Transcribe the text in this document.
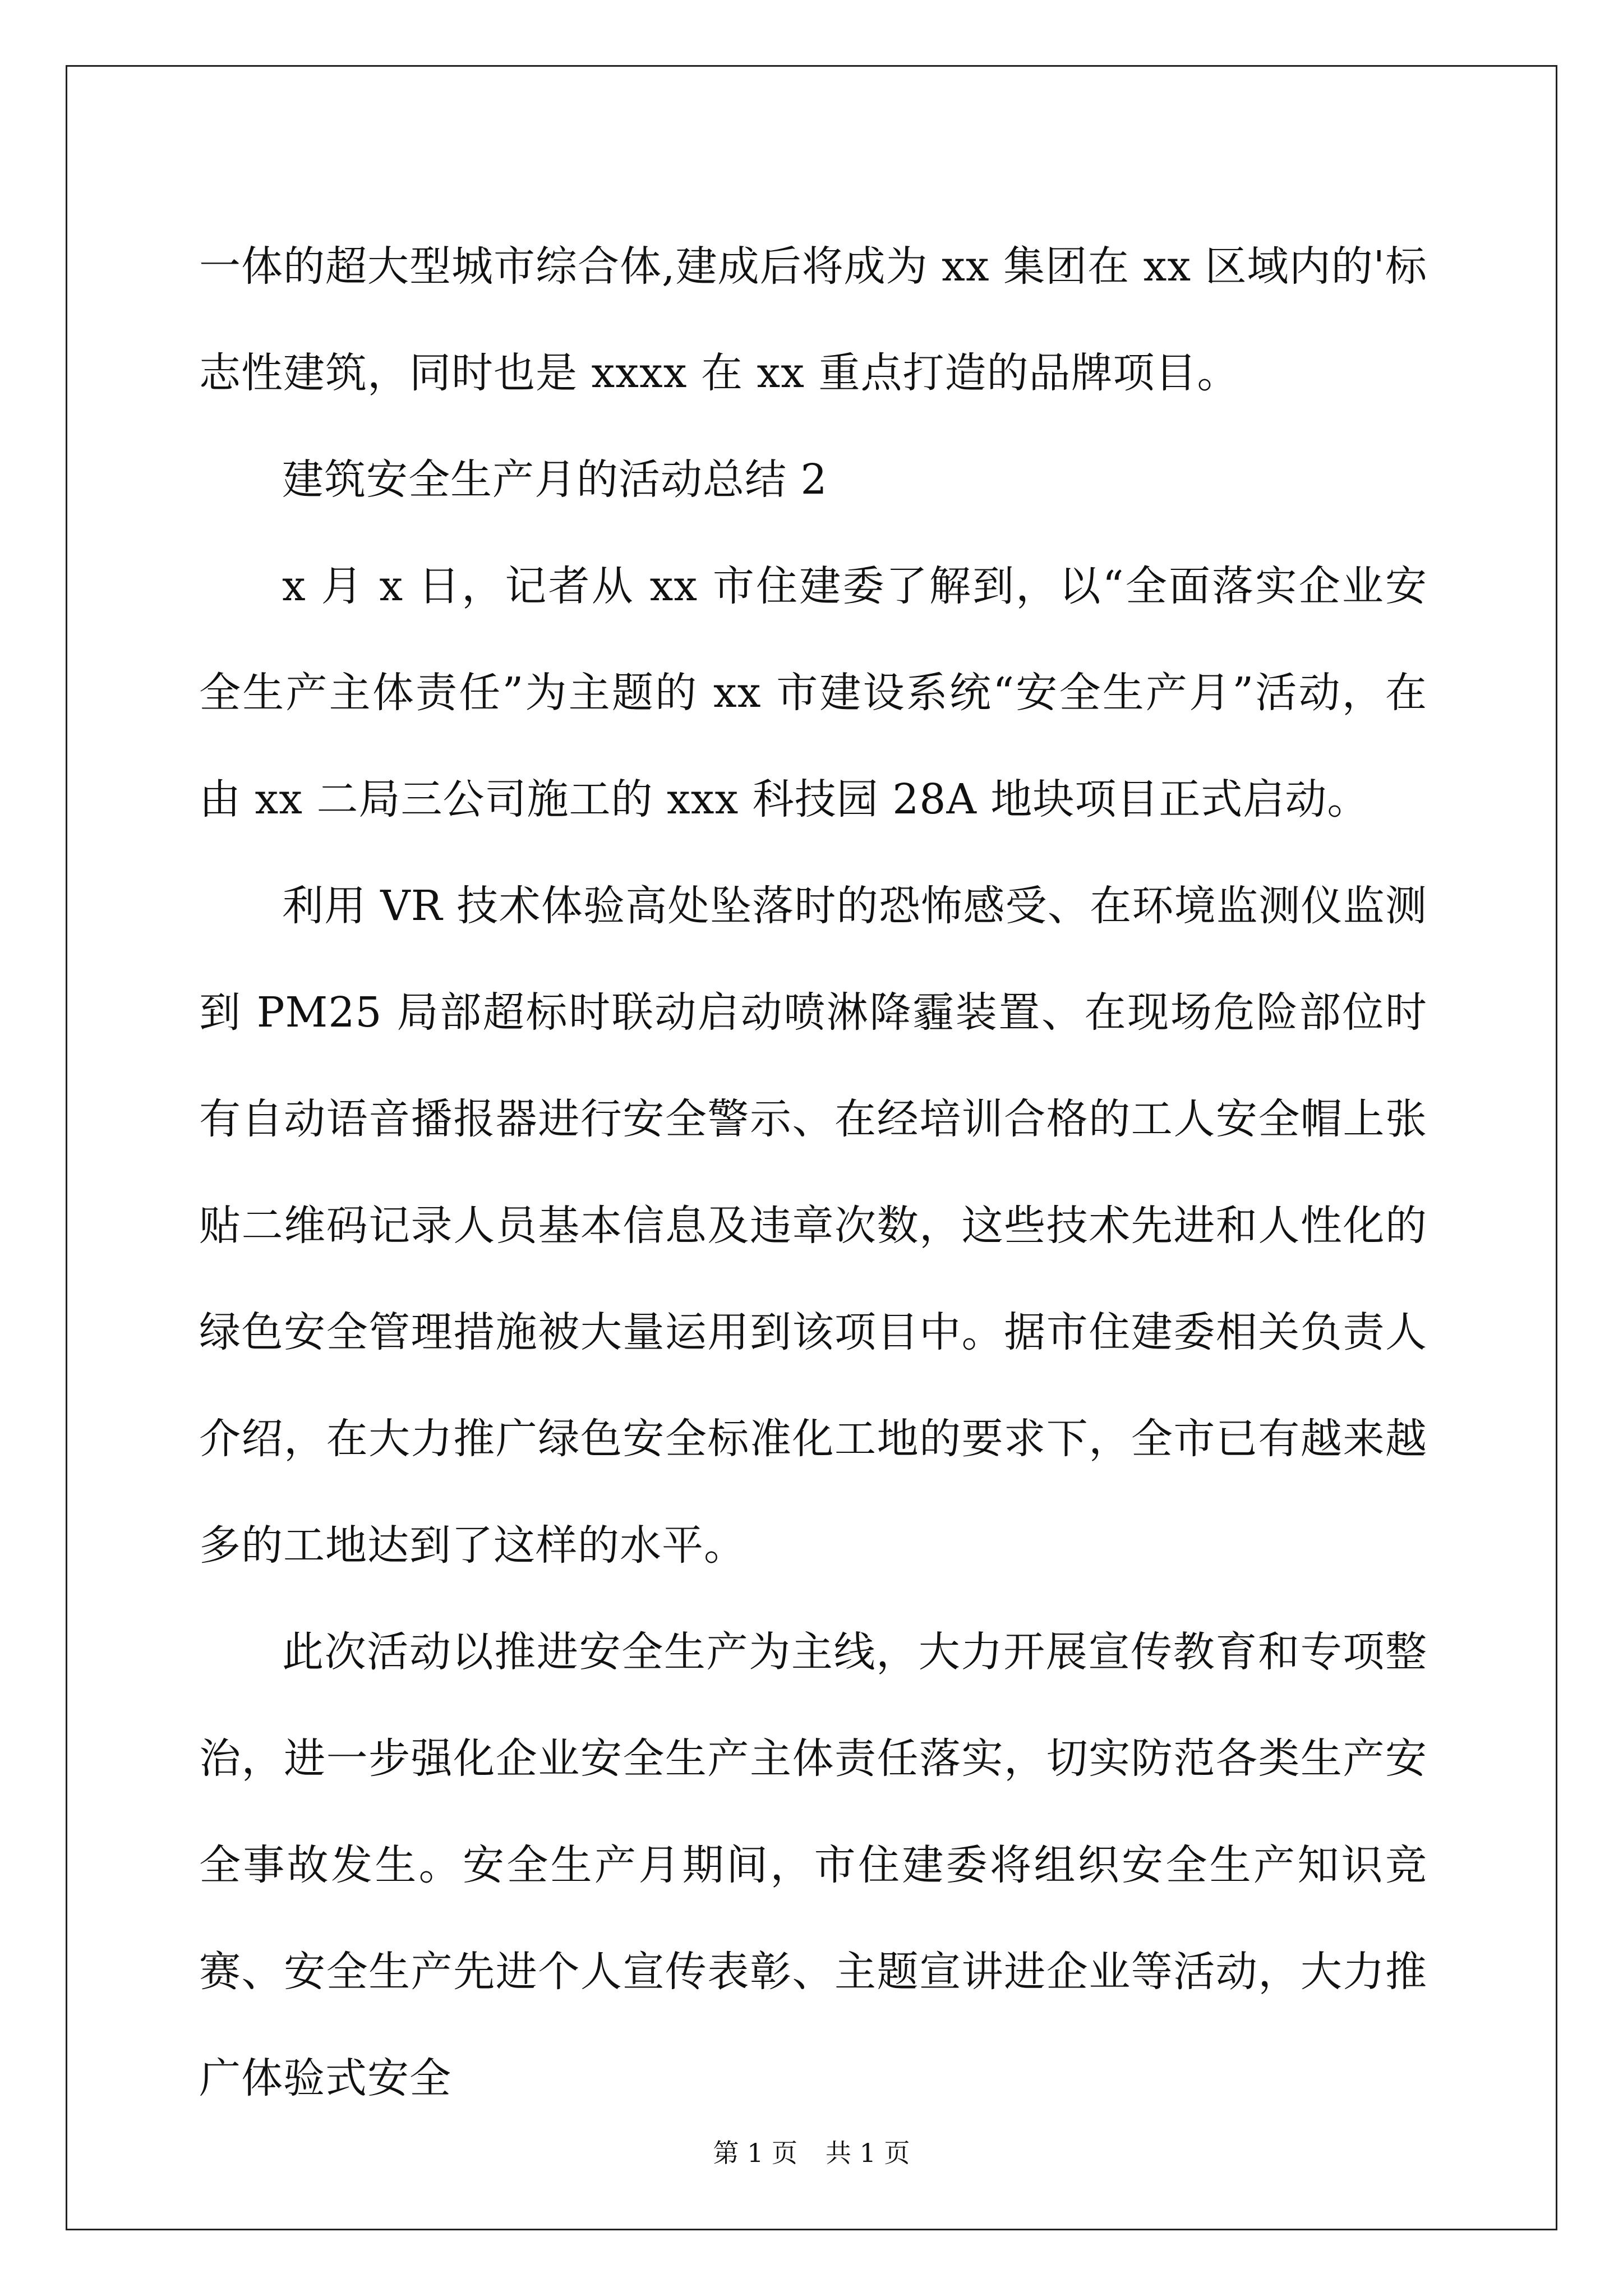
一体的超大型城市综合体,建成后将成为 xx 集团在 xx 区域内的'标志性建筑，同时也是 xxxx 在 xx 重点打造的品牌项目。

建筑安全生产月的活动总结 2

x 月 x 日，记者从 xx 市住建委了解到，以“全面落实企业安全生产主体责任”为主题的 xx 市建设系统“安全生产月”活动，在由 xx 二局三公司施工的 xxx 科技园 28A 地块项目正式启动。

利用 VR 技术体验高处坠落时的恐怖感受、在环境监测仪监测到 PM25 局部超标时联动启动喷淋降霾装置、在现场危险部位时有自动语音播报器进行安全警示、在经培训合格的工人安全帽上张贴二维码记录人员基本信息及违章次数，这些技术先进和人性化的绿色安全管理措施被大量运用到该项目中。据市住建委相关负责人介绍，在大力推广绿色安全标准化工地的要求下，全市已有越来越多的工地达到了这样的水平。

此次活动以推进安全生产为主线，大力开展宣传教育和专项整治，进一步强化企业安全生产主体责任落实，切实防范各类生产安全事故发生。安全生产月期间，市住建委将组织安全生产知识竞赛、安全生产先进个人宣传表彰、主题宣讲进企业等活动，大力推广体验式安全

第 1 页 共 1 页
